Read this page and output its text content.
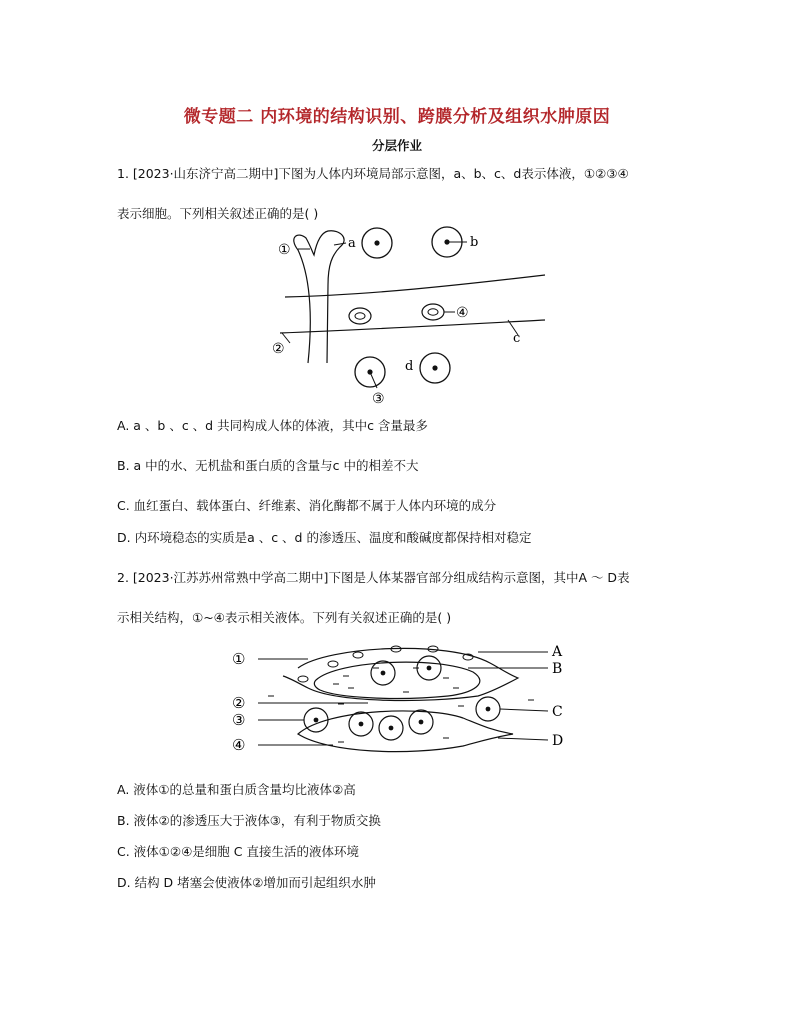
微专题二 内环境的结构识别、跨膜分析及组织水肿原因
分层作业
1. [2023·山东济宁高二期中]下图为人体内环境局部示意图，a、b、c、d表示体液，①②③④
表示细胞。下列相关叙述正确的是( )
a	b
c
d
①
②
③
④
A. a 、b 、c 、d 共同构成人体的体液，其中c 含量最多
B. a 中的水、无机盐和蛋白质的含量与c 中的相差不大
C. 血红蛋白、载体蛋白、纤维素、消化酶都不属于人体内环境的成分
D. 内环境稳态的实质是a 、c 、d 的渗透压、温度和酸碱度都保持相对稳定
2. [2023·江苏苏州常熟中学高二期中]下图是人体某器官部分组成结构示意图，其中A ～ D表
示相关结构，①~④表示相关液体。下列有关叙述正确的是( )
①
②
③
④
A
B
C
D
A. 液体①的总量和蛋白质含量均比液体②高
B. 液体②的渗透压大于液体③，有利于物质交换
C. 液体①②④是细胞 C 直接生活的液体环境
D. 结构 D 堵塞会使液体②增加而引起组织水肿
